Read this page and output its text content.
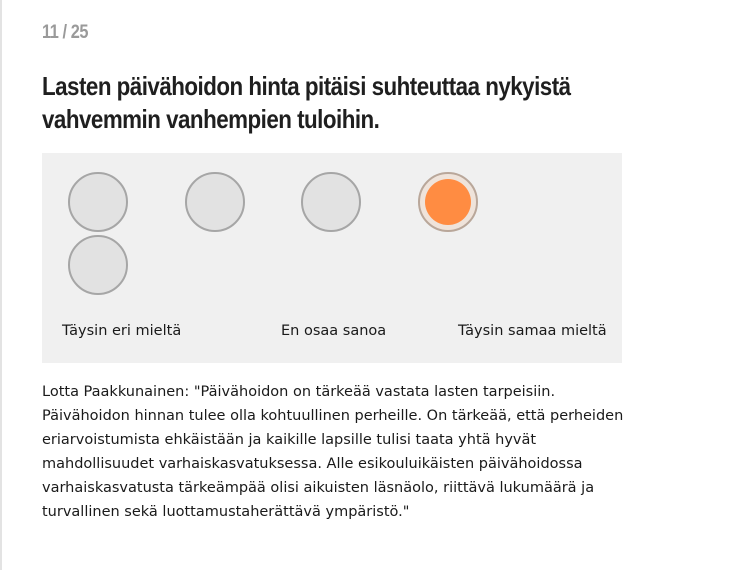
11 / 25
Lasten päivähoidon hinta pitäisi suhteuttaa nykyistä vahvemmin vanhempien tuloihin.
Täysin eri mieltä	En osaa sanoa	Täysin samaa mieltä
Lotta Paakkunainen: "Päivähoidon on tärkeää vastata lasten tarpeisiin. Päivähoidon hinnan tulee olla kohtuullinen perheille. On tärkeää, että perheiden eriarvoistumista ehkäistään ja kaikille lapsille tulisi taata yhtä hyvät mahdollisuudet varhaiskasvatuksessa. Alle esikouluikäisten päivähoidossa varhaiskasvatusta tärkeämpää olisi aikuisten läsnäolo, riittävä lukumäärä ja turvallinen sekä luottamustaherättävä ympäristö."
